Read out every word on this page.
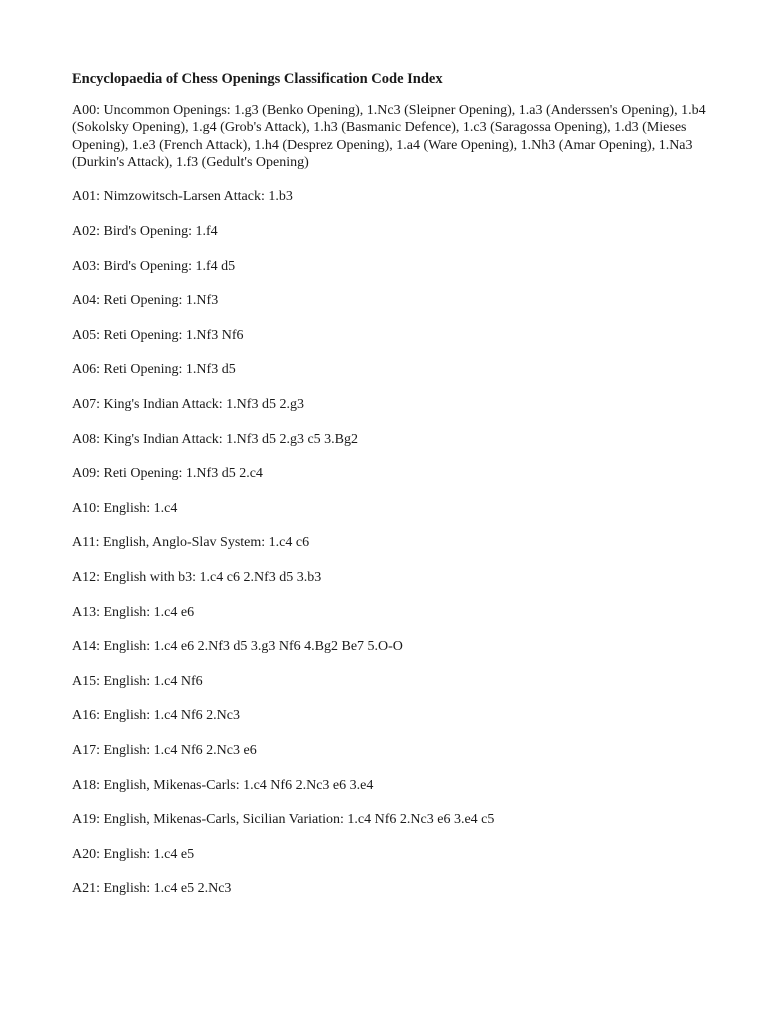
Encyclopaedia of Chess Openings Classification Code Index

A00: Uncommon Openings: 1.g3 (Benko Opening), 1.Nc3 (Sleipner Opening), 1.a3 (Anderssen's Opening), 1.b4 (Sokolsky Opening), 1.g4 (Grob's Attack), 1.h3 (Basmanic Defence), 1.c3 (Saragossa Opening), 1.d3 (Mieses Opening), 1.e3 (French Attack), 1.h4 (Desprez Opening), 1.a4 (Ware Opening), 1.Nh3 (Amar Opening), 1.Na3 (Durkin's Attack), 1.f3 (Gedult's Opening)

A01: Nimzowitsch-Larsen Attack: 1.b3

A02: Bird's Opening: 1.f4

A03: Bird's Opening: 1.f4 d5

A04: Reti Opening: 1.Nf3

A05: Reti Opening: 1.Nf3 Nf6

A06: Reti Opening: 1.Nf3 d5

A07: King's Indian Attack: 1.Nf3 d5 2.g3

A08: King's Indian Attack: 1.Nf3 d5 2.g3 c5 3.Bg2

A09: Reti Opening: 1.Nf3 d5 2.c4

A10: English: 1.c4

A11: English, Anglo-Slav System: 1.c4 c6

A12: English with b3: 1.c4 c6 2.Nf3 d5 3.b3

A13: English: 1.c4 e6

A14: English: 1.c4 e6 2.Nf3 d5 3.g3 Nf6 4.Bg2 Be7 5.O-O

A15: English: 1.c4 Nf6

A16: English: 1.c4 Nf6 2.Nc3

A17: English: 1.c4 Nf6 2.Nc3 e6

A18: English, Mikenas-Carls: 1.c4 Nf6 2.Nc3 e6 3.e4

A19: English, Mikenas-Carls, Sicilian Variation: 1.c4 Nf6 2.Nc3 e6 3.e4 c5

A20: English: 1.c4 e5

A21: English: 1.c4 e5 2.Nc3
